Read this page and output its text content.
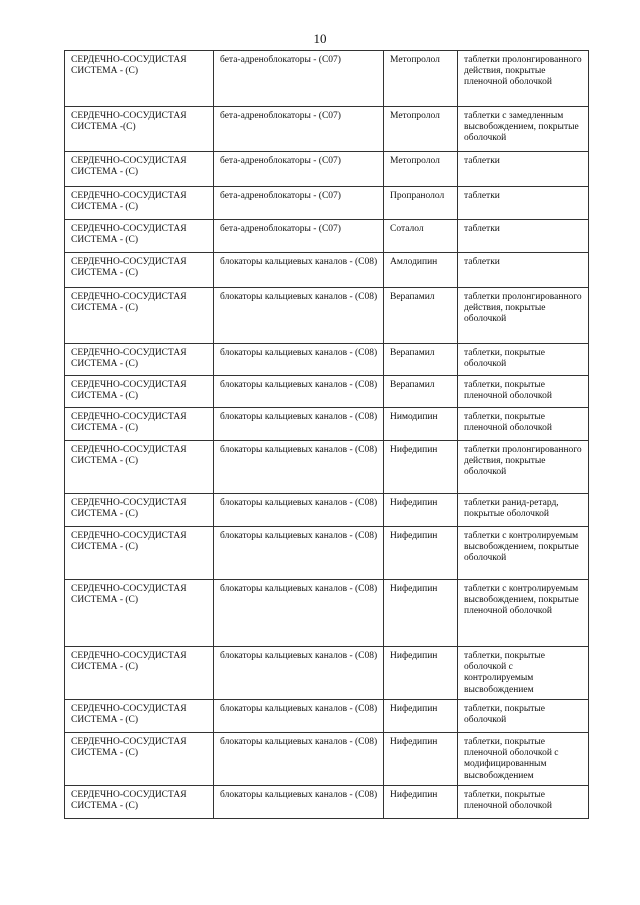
10
СЕРДЕЧНО-СОСУДИСТАЯ СИСТЕМА - (С)	бета-адреноблокаторы - (С07)	Метопролол	таблетки пролонгированного действия, покрытые пленочной оболочкой
СЕРДЕЧНО-СОСУДИСТАЯ СИСТЕМА -(С)	бета-адреноблокаторы - (С07)	Метопролол	таблетки с замедленным высвобождением, покрытые оболочкой
СЕРДЕЧНО-СОСУДИСТАЯ СИСТЕМА - (С)	бета-адреноблокаторы - (С07)	Метопролол	таблетки
СЕРДЕЧНО-СОСУДИСТАЯ СИСТЕМА - (С)	бета-адреноблокаторы - (С07)	Пропранолол	таблетки
СЕРДЕЧНО-СОСУДИСТАЯ СИСТЕМА - (С)	бета-адреноблокаторы - (С07)	Соталол	таблетки
СЕРДЕЧНО-СОСУДИСТАЯ СИСТЕМА - (С)	блокаторы кальциевых каналов - (С08)	Амлодипин	таблетки
СЕРДЕЧНО-СОСУДИСТАЯ СИСТЕМА - (С)	блокаторы кальциевых каналов - (С08)	Верапамил	таблетки пролонгированного действия, покрытые оболочкой
СЕРДЕЧНО-СОСУДИСТАЯ СИСТЕМА - (С)	блокаторы кальциевых каналов - (С08)	Верапамил	таблетки, покрытые оболочкой
СЕРДЕЧНО-СОСУДИСТАЯ СИСТЕМА - (С)	блокаторы кальциевых каналов - (С08)	Верапамил	таблетки, покрытые пленочной оболочкой
СЕРДЕЧНО-СОСУДИСТАЯ СИСТЕМА - (С)	блокаторы кальциевых каналов - (С08)	Нимодипин	таблетки, покрытые пленочной оболочкой
СЕРДЕЧНО-СОСУДИСТАЯ СИСТЕМА - (С)	блокаторы кальциевых каналов - (С08)	Нифедипин	таблетки пролонгированного действия, покрытые оболочкой
СЕРДЕЧНО-СОСУДИСТАЯ СИСТЕМА - (С)	блокаторы кальциевых каналов - (С08)	Нифедипин	таблетки ранид-ретард, покрытые оболочкой
СЕРДЕЧНО-СОСУДИСТАЯ СИСТЕМА - (С)	блокаторы кальциевых каналов - (С08)	Нифедипин	таблетки с контролируемым высвобождением, покрытые оболочкой
СЕРДЕЧНО-СОСУДИСТАЯ СИСТЕМА - (С)	блокаторы кальциевых каналов - (С08)	Нифедипин	таблетки с контролируемым высвобождением, покрытые пленочной оболочкой
СЕРДЕЧНО-СОСУДИСТАЯ СИСТЕМА - (С)	блокаторы кальциевых каналов - (С08)	Нифедипин	таблетки, покрытые оболочкой с контролируемым высвобождением
СЕРДЕЧНО-СОСУДИСТАЯ СИСТЕМА - (С)	блокаторы кальциевых каналов - (С08)	Нифедипин	таблетки, покрытые оболочкой
СЕРДЕЧНО-СОСУДИСТАЯ СИСТЕМА - (С)	блокаторы кальциевых каналов - (С08)	Нифедипин	таблетки, покрытые пленочной оболочкой с модифицированным высвобождением
СЕРДЕЧНО-СОСУДИСТАЯ СИСТЕМА - (С)	блокаторы кальциевых каналов - (С08)	Нифедипин	таблетки, покрытые пленочной оболочкой
